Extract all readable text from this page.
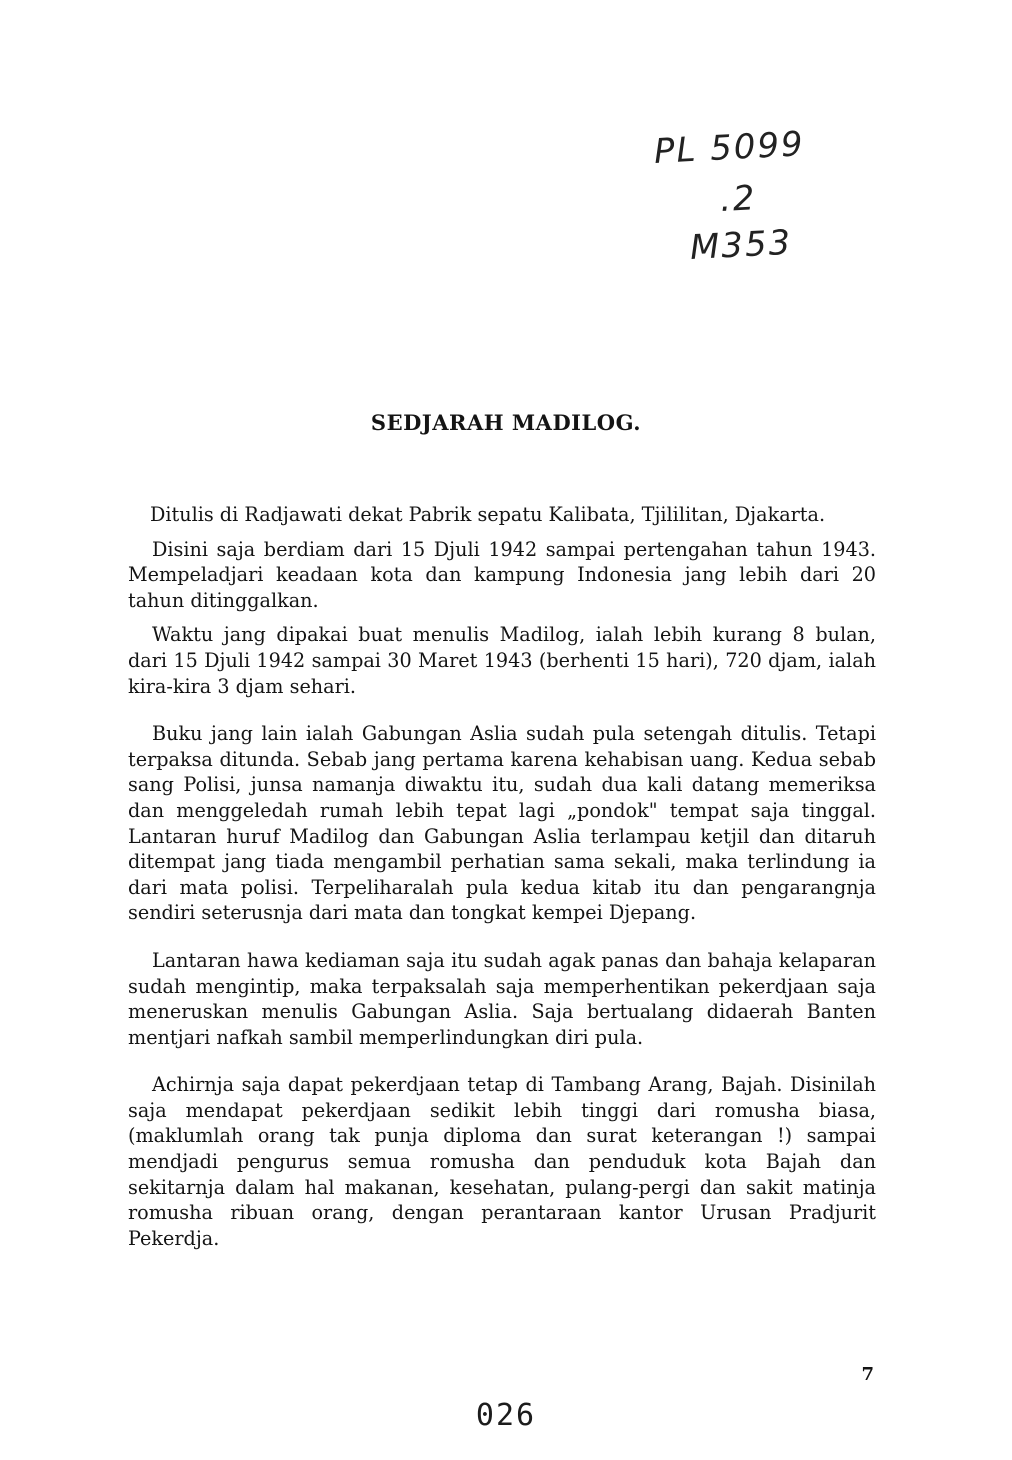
PL 5099
.2
M353
SEDJARAH MADILOG.

Ditulis di Radjawati dekat Pabrik sepatu Kalibata, Tjililitan, Djakarta.

Disini saja berdiam dari 15 Djuli 1942 sampai pertengahan tahun 1943. Mempeladjari keadaan kota dan kampung Indonesia jang lebih dari 20 tahun ditinggalkan.

Waktu jang dipakai buat menulis Madilog, ialah lebih kurang 8 bulan, dari 15 Djuli 1942 sampai 30 Maret 1943 (berhenti 15 hari), 720 djam, ialah kira-kira 3 djam sehari.

Buku jang lain ialah Gabungan Aslia sudah pula setengah ditulis. Tetapi terpaksa ditunda. Sebab jang pertama karena kehabisan uang. Kedua sebab sang Polisi, junsa namanja diwaktu itu, sudah dua kali datang memeriksa dan menggeledah rumah lebih tepat lagi „pondok" tempat saja tinggal. Lantaran huruf Madilog dan Gabungan Aslia terlampau ketjil dan ditaruh ditempat jang tiada mengambil perhatian sama sekali, maka terlindung ia dari mata polisi. Terpeliharalah pula kedua kitab itu dan pengarangnja sendiri seterusnja dari mata dan tongkat kempei Djepang.

Lantaran hawa kediaman saja itu sudah agak panas dan bahaja kelaparan sudah mengintip, maka terpaksalah saja memperhentikan pekerdjaan saja meneruskan menulis Gabungan Aslia. Saja bertualang didaerah Banten mentjari nafkah sambil memperlindungkan diri pula.

Achirnja saja dapat pekerdjaan tetap di Tambang Arang, Bajah. Disinilah saja mendapat pekerdjaan sedikit lebih tinggi dari romusha biasa, (maklumlah orang tak punja diploma dan surat keterangan !) sampai mendjadi pengurus semua romusha dan penduduk kota Bajah dan sekitarnja dalam hal makanan, kesehatan, pulang-pergi dan sakit matinja romusha ribuan orang, dengan perantaraan kantor Urusan Pradjurit Pekerdja.

7
026
